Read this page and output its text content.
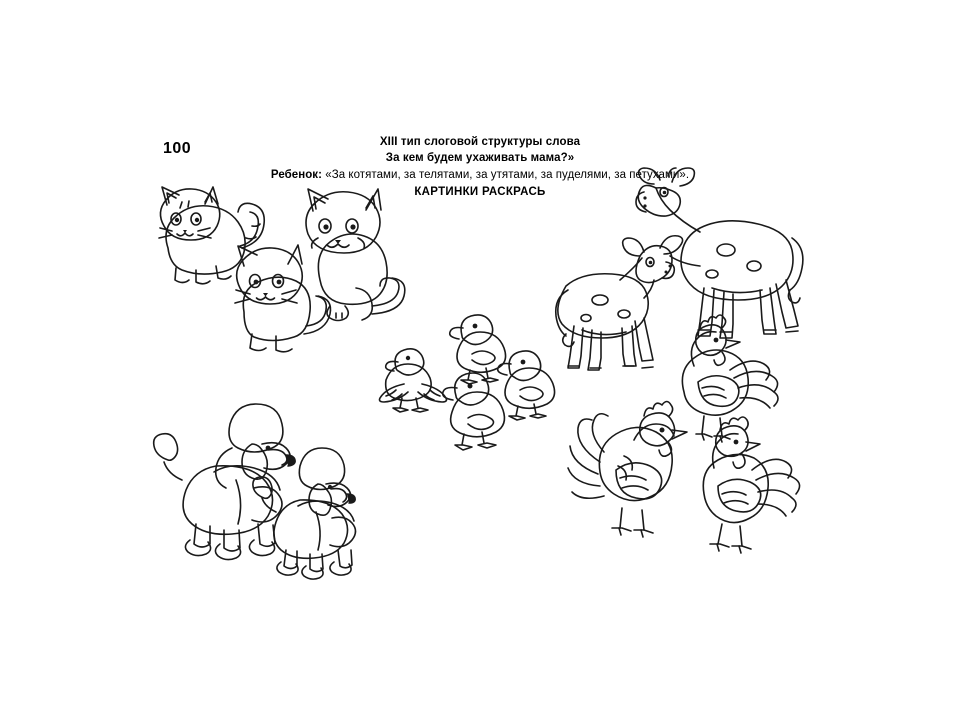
100	XIII тип слоговой структуры слова
За кем будем ухаживать мама?»
Ребенок: «За котятами, за телятами, за утятами, за пуделями, за петухами».
КАРТИНКИ РАСКРАСЬ
